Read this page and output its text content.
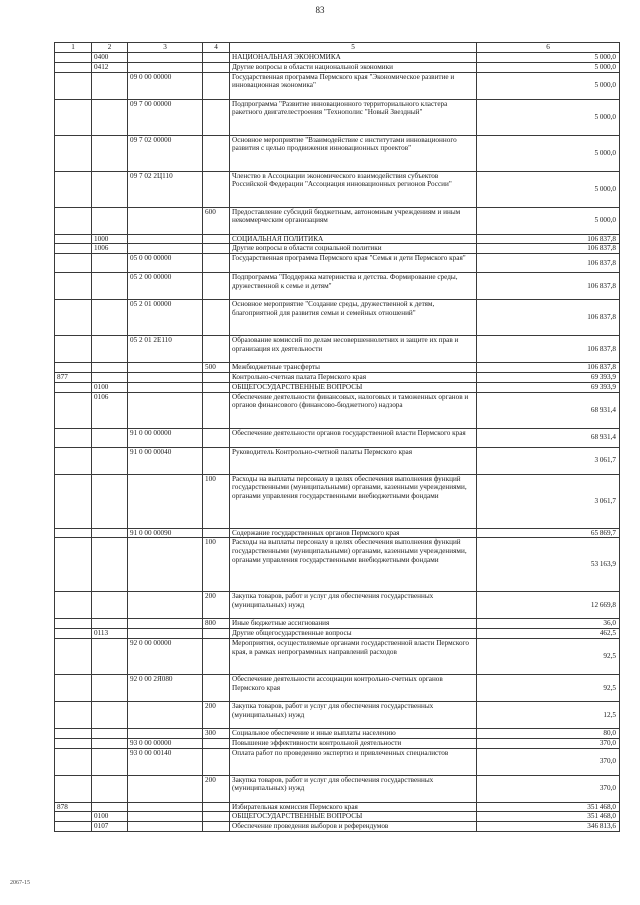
83
1	2	3	4	5	6
	0400			НАЦИОНАЛЬНАЯ ЭКОНОМИКА	5 000,0
	0412			Другие вопросы в области национальной экономики	5 000,0
		09 0 00 00000		Государственная программа Пермского края "Экономическое развитие и инновационная экономика"	5 000,0
		09 7 00 00000		Подпрограмма "Развитие инновационного территориального кластера ракетного двигателестроения "Технополис "Новый Звездный"	5 000,0
		09 7 02 00000		Основное мероприятие "Взаимодействие с институтами инновационного развития с целью продвижения инновационных проектов"	5 000,0
		09 7 02 2Ц110		Членство в Ассоциации экономического взаимодействия субъектов Российской Федерации "Ассоциация инновационных регионов России"	5 000,0
			600	Предоставление субсидий бюджетным, автономным учреждениям и иным некоммерческим организациям	5 000,0
	1000			СОЦИАЛЬНАЯ ПОЛИТИКА	106 837,8
	1006			Другие вопросы в области социальной политики	106 837,8
		05 0 00 00000		Государственная программа Пермского края "Семья и дети Пермского края"	106 837,8
		05 2 00 00000		Подпрограмма "Поддержка материнства и детства. Формирование среды, дружественной к семье и детям"	106 837,8
		05 2 01 00000		Основное мероприятие "Создание среды, дружественной к детям, благоприятной для развития семьи и семейных отношений"	106 837,8
		05 2 01 2Е110		Образование комиссий по делам несовершеннолетних и защите их прав и организация их деятельности	106 837,8
			500	Межбюджетные трансферты	106 837,8
877				Контрольно-счетная палата Пермского края	69 393,9
	0100			ОБЩЕГОСУДАРСТВЕННЫЕ ВОПРОСЫ	69 393,9
	0106			Обеспечение деятельности финансовых, налоговых и таможенных органов и органов финансового (финансово-бюджетного) надзора	68 931,4
		91 0 00 00000		Обеспечение деятельности органов государственной власти Пермского края	68 931,4
		91 0 00 00040		Руководитель Контрольно-счетной палаты Пермского края	3 061,7
			100	Расходы на выплаты персоналу в целях обеспечения выполнения функций государственными (муниципальными) органами, казенными учреждениями, органами управления государственными внебюджетными фондами	3 061,7
		91 0 00 00090		Содержание государственных органов Пермского края	65 869,7
			100	Расходы на выплаты персоналу в целях обеспечения выполнения функций государственными (муниципальными) органами, казенными учреждениями, органами управления государственными внебюджетными фондами	53 163,9
			200	Закупка товаров, работ и услуг для обеспечения государственных (муниципальных) нужд	12 669,8
			800	Иные бюджетные ассигнования	36,0
	0113			Другие общегосударственные вопросы	462,5
		92 0 00 00000		Мероприятия, осуществляемые органами государственной власти Пермского края, в рамках непрограммных направлений расходов	92,5
		92 0 00 2Я080		Обеспечение деятельности ассоциации контрольно-счетных органов Пермского края	92,5
			200	Закупка товаров, работ и услуг для обеспечения государственных (муниципальных) нужд	12,5
			300	Социальное обеспечение и иные выплаты населению	80,0
		93 0 00 00000		Повышение эффективности контрольной деятельности	370,0
		93 0 00 00140		Оплата работ по проведению экспертиз и привлеченных специалистов	370,0
			200	Закупка товаров, работ и услуг для обеспечения государственных (муниципальных) нужд	370,0
878				Избирательная комиссия Пермского края	351 468,0
	0100			ОБЩЕГОСУДАРСТВЕННЫЕ ВОПРОСЫ	351 468,0
	0107			Обеспечение проведения выборов и референдумов	346 813,6
2067-15
